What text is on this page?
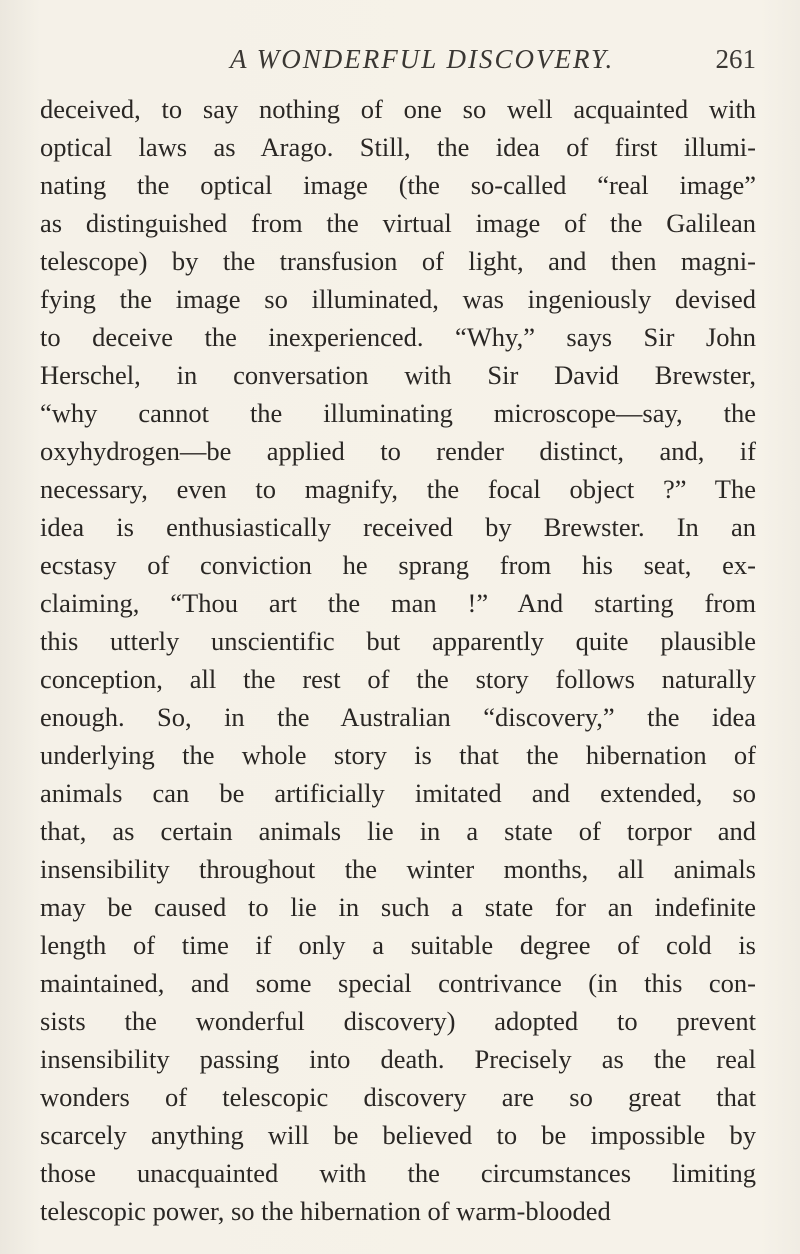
A WONDERFUL DISCOVERY.	261
deceived, to say nothing of one so well acquainted with
optical laws as Arago. Still, the idea of first illumi-
nating the optical image (the so-called “real image”
as distinguished from the virtual image of the Galilean
telescope) by the transfusion of light, and then magni-
fying the image so illuminated, was ingeniously devised
to deceive the inexperienced. “Why,” says Sir John
Herschel, in conversation with Sir David Brewster,
“why cannot the illuminating microscope—say, the
oxyhydrogen—be applied to render distinct, and, if
necessary, even to magnify, the focal object ?” The
idea is enthusiastically received by Brewster. In an
ecstasy of conviction he sprang from his seat, ex-
claiming, “Thou art the man !” And starting from
this utterly unscientific but apparently quite plausible
conception, all the rest of the story follows naturally
enough. So, in the Australian “discovery,” the idea
underlying the whole story is that the hibernation of
animals can be artificially imitated and extended, so
that, as certain animals lie in a state of torpor and
insensibility throughout the winter months, all animals
may be caused to lie in such a state for an indefinite
length of time if only a suitable degree of cold is
maintained, and some special contrivance (in this con-
sists the wonderful discovery) adopted to prevent
insensibility passing into death. Precisely as the real
wonders of telescopic discovery are so great that
scarcely anything will be believed to be impossible by
those unacquainted with the circumstances limiting
telescopic power, so the hibernation of warm-blooded
